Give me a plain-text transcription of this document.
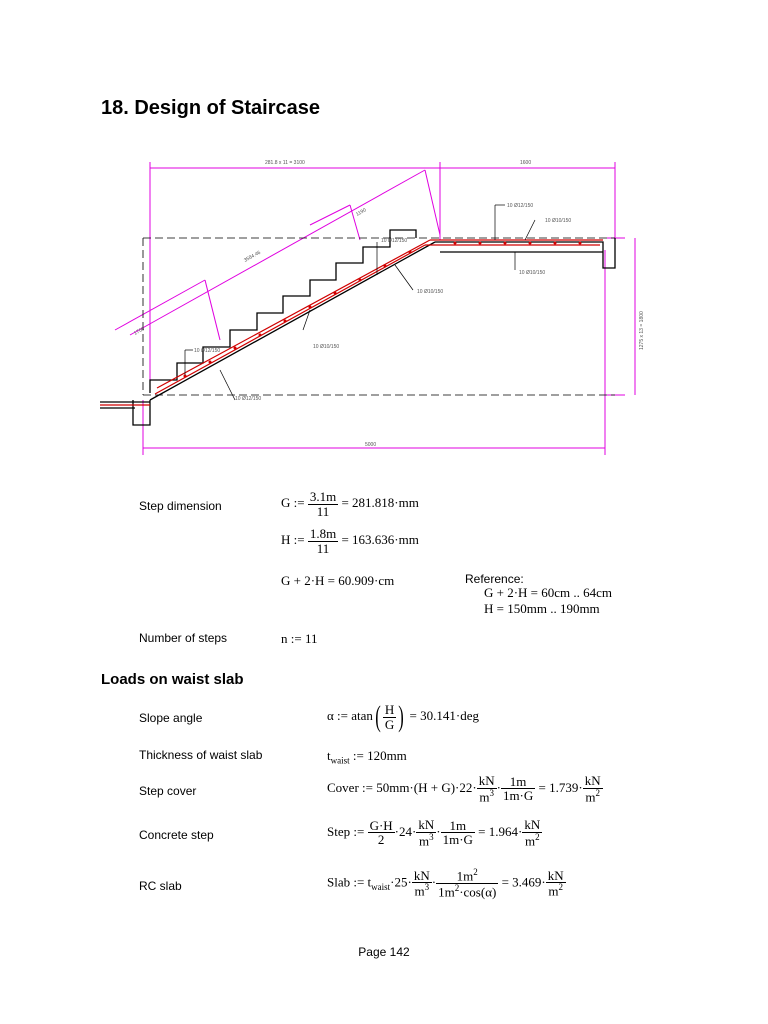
18. Design of Staircase
281.8 x 11 = 3100	1600
5000
1275 x 13 = 1800
3584.46
1700
1190
10 Ø12/150
10 Ø10/150
10 Ø12/150
10 Ø10/150
10 Ø12/150
10 Ø10/150
10 Ø10/150
10 Ø12/150
Step dimension	G := $\frac{3.1m}{11} = 281.818\cdot mm$
H := $\frac{1.8m}{11} = 163.636\cdot mm$
G + 2·H = 60.909·cm	Reference:
G + 2·H = 60cm .. 64cm
H = 150mm .. 190mm
Number of steps	n := 11
Loads on waist slab
Slope angle	α := $atan( \frac{H}{G}$ ) = 30.141·deg
Thickness of waist slab	$t_{waist}$ := 120mm
Step cover	Cover := $50mm\cdot(H + G)\cdot 22\cdot \frac{kN}{m^3} \cdot \frac{1m}{1m\cdot G} = 1.739\cdot \frac{kN}{m^2}$
Concrete step	Step := $\frac{G\cdot H}{2} \cdot 24\cdot \frac{kN}{m^3} \cdot \frac{1m}{1m\cdot G} = 1.964\cdot \frac{kN}{m^2}$
RC slab	Slab := $t_{waist}\cdot 25\cdot \frac{kN}{m^3} \cdot \frac{1m^2}{1m^2\cdot\cos(\alpha)} = 3.469\cdot \frac{kN}{m^2}$
Page 142
